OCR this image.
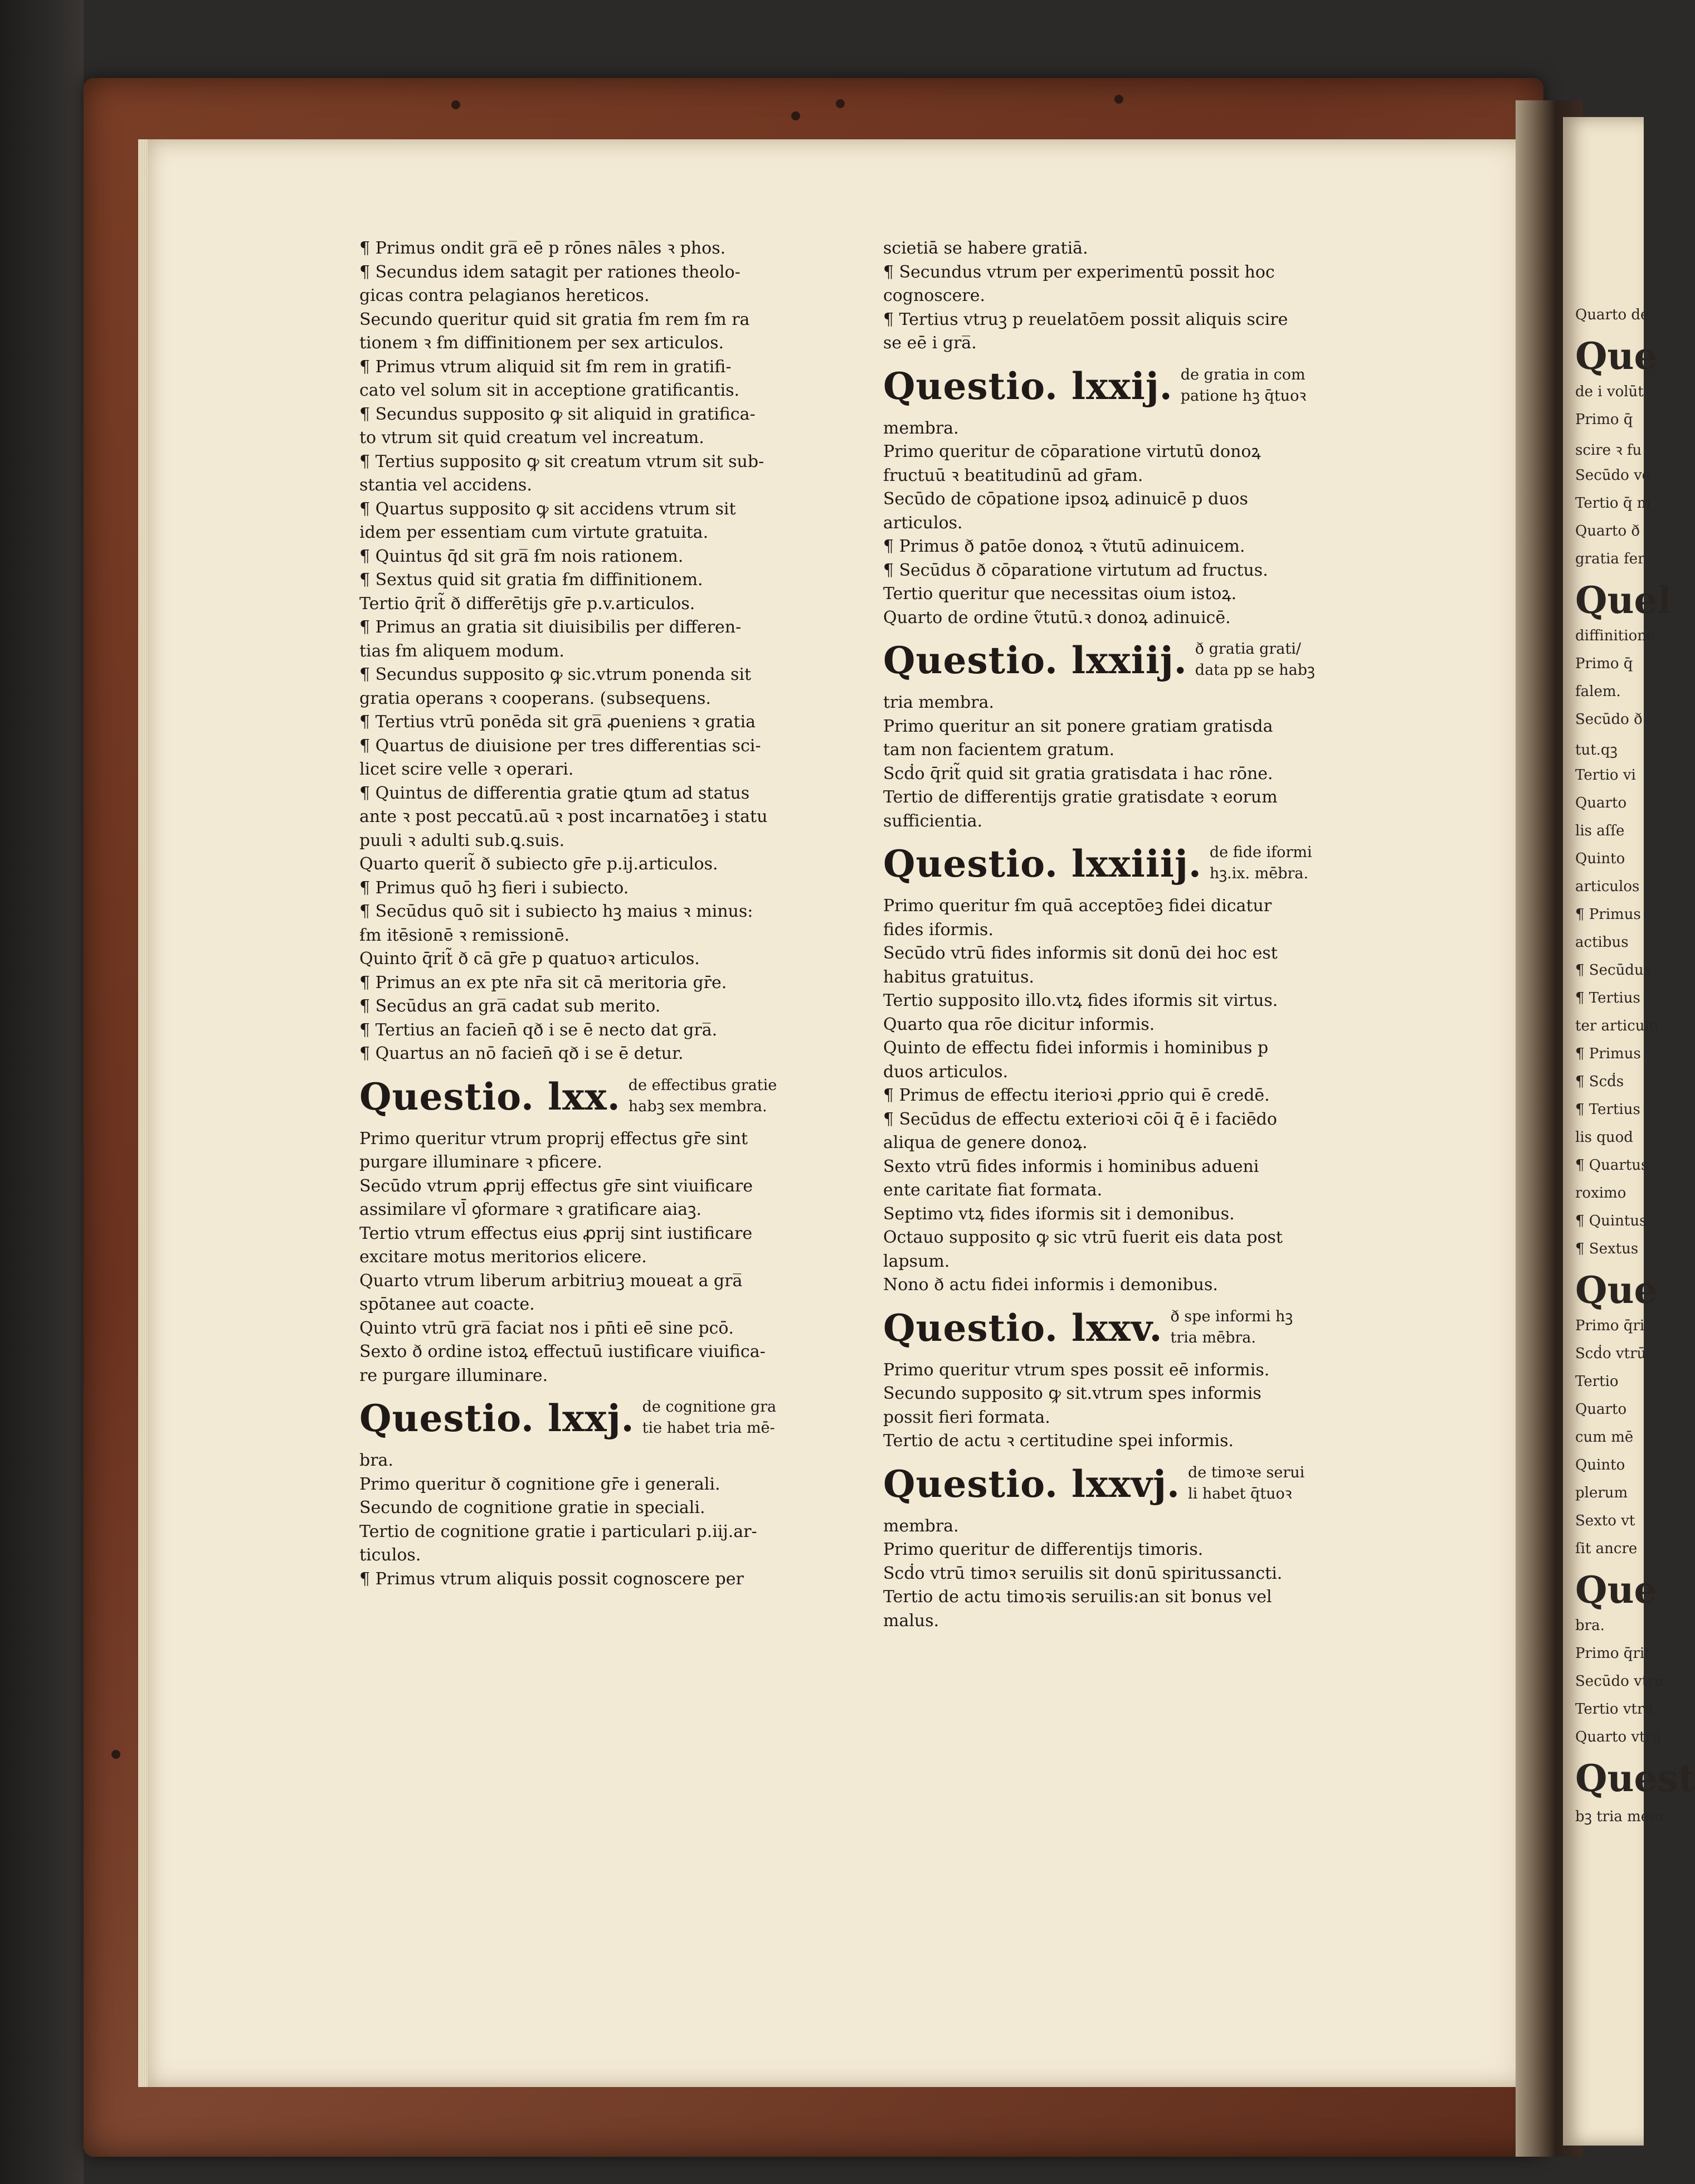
Quarto de
Que
de i volūt
Primo q̄
scire ꝛ fu
Secūdo ve
Tertio q̄ m
Quarto ð
gratia fer
Quel
diffinitione
Primo q̄
falem.
Secūdo ð
tut.qꝫ
Tertio vi
Quarto
lis aſſe
Quinto
articulos
¶ Primus
actibus
¶ Secūdus
¶ Tertius
ter articulo
¶ Primus
¶ Scḋs
¶ Tertius
lis quod
¶ Quartus
roximo
¶ Quintus
¶ Sextus
Que
Primo q̄ri
Scḋo vtrū
Tertio
Quarto
cum mē
Quinto
plerum
Sexto vt
ſit ancre
Que
bra.
Primo q̄rit
Secūdo vtrū
Tertio vtrū
Quarto vtrū
Quest
bꝫ tria mem
¶ Primus ondit gra̅ eē p rōnes nāles ꝛ phos.
¶ Secundus idem satagit per rationes theolo-
gicas contra pelagianos hereticos.
Secundo queritur quid sit gratia ẜm rem ẜm ra
tionem ꝛ ẜm diffinitionem per sex articulos.
¶ Primus vtrum aliquid sit ẜm rem in gratifi-
cato vel solum sit in acceptione gratificantis.
¶ Secundus supposito ꝙ sit aliquid in gratifica-
to vtrum sit quid creatum vel increatum.
¶ Tertius supposito ꝙ sit creatum vtrum sit sub-
stantia vel accidens.
¶ Quartus supposito ꝙ sit accidens vtrum sit
idem per essentiam cum virtute gratuita.
¶ Quintus q̄d sit gra̅ ẜm nois rationem.
¶ Sextus quid sit gratia ẜm diffinitionem.
Tertio q̄rit̃ ð differētijs gr̄e p.v.articulos.
¶ Primus an gratia sit diuisibilis per differen-
tias ẜm aliquem modum.
¶ Secundus supposito ꝙ sic.vtrum ponenda sit
gratia operans ꝛ cooperans. (subsequens.
¶ Tertius vtrū ponēda sit gra̅ ꝓueniens ꝛ gratia
¶ Quartus de diuisione per tres differentias sci-
licet scire velle ꝛ operari.
¶ Quintus de differentia gratie ꝗtum ad status
ante ꝛ post peccatū.aū ꝛ post incarnatōeꝫ i statu
puuli ꝛ adulti sub.ꝗ.suis.
Quarto querit̃ ð subiecto gr̄e p.ij.articulos.
¶ Primus quō hꝫ fieri i subiecto.
¶ Secūdus quō sit i subiecto hꝫ maius ꝛ minus:
ẜm itēsionē ꝛ remissionē.
Quinto q̄rit̃ ð cā gr̄e p quatuoꝛ articulos.
¶ Primus an ex pte nr̄a sit cā meritoria gr̄e.
¶ Secūdus an gra̅ cadat sub merito.
¶ Tertius an facien̄ qð i se ē necto dat gra̅.
¶ Quartus an nō facien̄ qð i se ē detur.
Questio. lxx. de effectibus gratie
habꝫ sex membra.
Primo queritur vtrum proprij effectus gr̄e sint
purgare illuminare ꝛ pficere.
Secūdo vtrum ꝓprij effectus gr̄e sint viuificare
assimilare vl̄ ꝯformare ꝛ gratificare aiaꝫ.
Tertio vtrum effectus eius ꝓprij sint iustificare
excitare motus meritorios elicere.
Quarto vtrum liberum arbitriuꝫ moueat a gra̅
spōtanee aut coacte.
Quinto vtrū gra̅ faciat nos i pn̄ti eē sine pcō.
Sexto ð ordine istoꝝ effectuū iustificare viuifica-
re purgare illuminare.
Questio. lxxj. de cognitione gra
tie habet tria mē-
bra.
Primo queritur ð cognitione gr̄e i generali.
Secundo de cognitione gratie in speciali.
Tertio de cognitione gratie i particulari p.iij.ar-
ticulos.
¶ Primus vtrum aliquis possit cognoscere per
scietiā se habere gratiā.
¶ Secundus vtrum per experimentū possit hoc
cognoscere.
¶ Tertius vtruꝫ p reuelatōem possit aliquis scire
se eē i gra̅.
Questio. lxxij. de gratia in com
patione hꝫ q̄tuoꝛ
membra.
Primo queritur de cōparatione virtutū donoꝝ
fructuū ꝛ beatitudinū ad gr̄am.
Secūdo de cōpatione ipsoꝝ adinuicē p duos
articulos.
¶ Primus ð ꝑatōe donoꝝ ꝛ ṽtutū adinuicem.
¶ Secūdus ð cōparatione virtutum ad fructus.
Tertio queritur que necessitas oium istoꝝ.
Quarto de ordine ṽtutū.ꝛ donoꝝ adinuicē.
Questio. lxxiij. ð gratia grati/
data pp se habꝫ
tria membra.
Primo queritur an sit ponere gratiam gratisda
tam non facientem gratum.
Scḋo q̄rit̃ quid sit gratia gratisdata i hac rōne.
Tertio de differentijs gratie gratisdate ꝛ eorum
sufficientia.
Questio. lxxiiij. de fide iformi
hꝫ.ix. mēbra.
Primo queritur ẜm quā acceptōeꝫ fidei dicatur
fides iformis.
Secūdo vtrū fides informis sit donū dei hoc est
habitus gratuitus.
Tertio supposito illo.vtꝝ fides iformis sit virtus.
Quarto qua rōe dicitur informis.
Quinto de effectu fidei informis i hominibus p
duos articulos.
¶ Primus de effectu iterioꝛi ꝓprio qui ē credē.
¶ Secūdus de effectu exterioꝛi cōi q̄ ē i faciēdo
aliqua de genere donoꝝ.
Sexto vtrū fides informis i hominibus adueni
ente caritate fiat formata.
Septimo vtꝝ fides iformis sit i demonibus.
Octauo supposito ꝙ sic vtrū fuerit eis data post
lapsum.
Nono ð actu fidei informis i demonibus.
Questio. lxxv. ð spe informi hꝫ
tria mēbra.
Primo queritur vtrum spes possit eē informis.
Secundo supposito ꝙ sit.vtrum spes informis
possit fieri formata.
Tertio de actu ꝛ certitudine spei informis.
Questio. lxxvj. de timoꝛe serui
li habet q̄tuoꝛ
membra.
Primo queritur de differentijs timoris.
Scḋo vtrū timoꝛ seruilis sit donū spiritussancti.
Tertio de actu timoꝛis seruilis:an sit bonus vel
malus.
